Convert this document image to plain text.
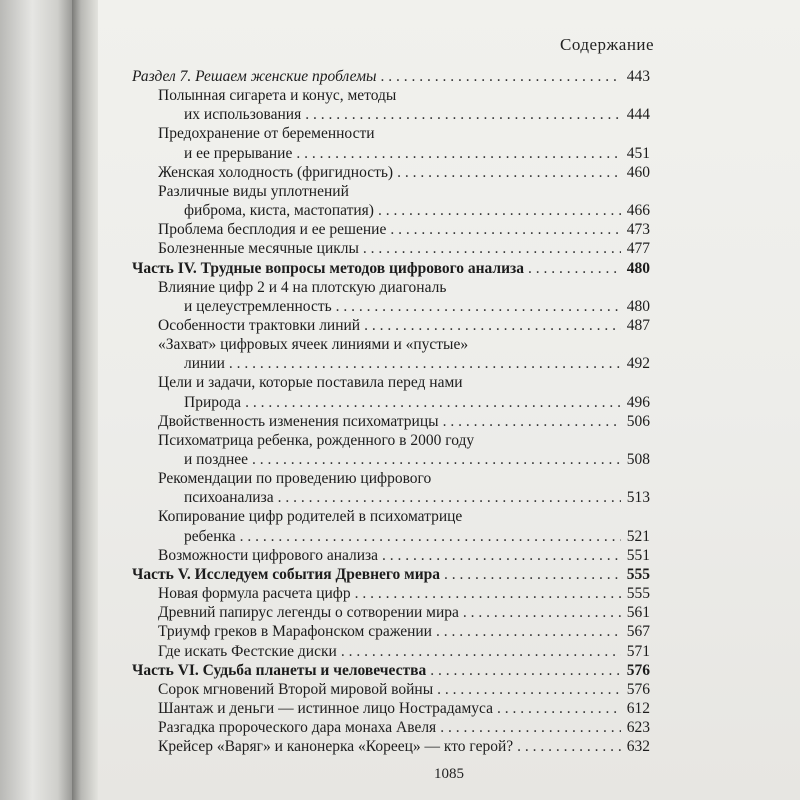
Содержание
Раздел 7. Решаем женские проблемы . . .	443
Полынная сигарета и конус, методы
их использования . . .	444
Предохранение от беременности
и ее прерывание . . .	451
Женская холодность (фригидность) . . .	460
Различные виды уплотнений
фиброма, киста, мастопатия) . . .	466
Проблема бесплодия и ее решение . . .	473
Болезненные месячные циклы . . .	477
Часть IV. Трудные вопросы методов цифрового анализа . . .	480
Влияние цифр 2 и 4 на плотскую диагональ
и целеустремленность . . .	480
Особенности трактовки линий . . .	487
«Захват» цифровых ячеек линиями и «пустые»
линии . . .	492
Цели и задачи, которые поставила перед нами
Природа . . .	496
Двойственность изменения психоматрицы . . .	506
Психоматрица ребенка, рожденного в 2000 году
и позднее . . .	508
Рекомендации по проведению цифрового
психоанализа . . .	513
Копирование цифр родителей в психоматрице
ребенка . . .	521
Возможности цифрового анализа . . .	551
Часть V. Исследуем события Древнего мира . . .	555
Новая формула расчета цифр . . .	555
Древний папирус легенды о сотворении мира . . .	561
Триумф греков в Марафонском сражении . . .	567
Где искать Фестские диски . . .	571
Часть VI. Судьба планеты и человечества . . .	576
Сорок мгновений Второй мировой войны . . .	576
Шантаж и деньги — истинное лицо Нострадамуса . . .	612
Разгадка пророческого дара монаха Авеля . . .	623
Крейсер «Варяг» и канонерка «Кореец» — кто герой? . . .	632
1085
